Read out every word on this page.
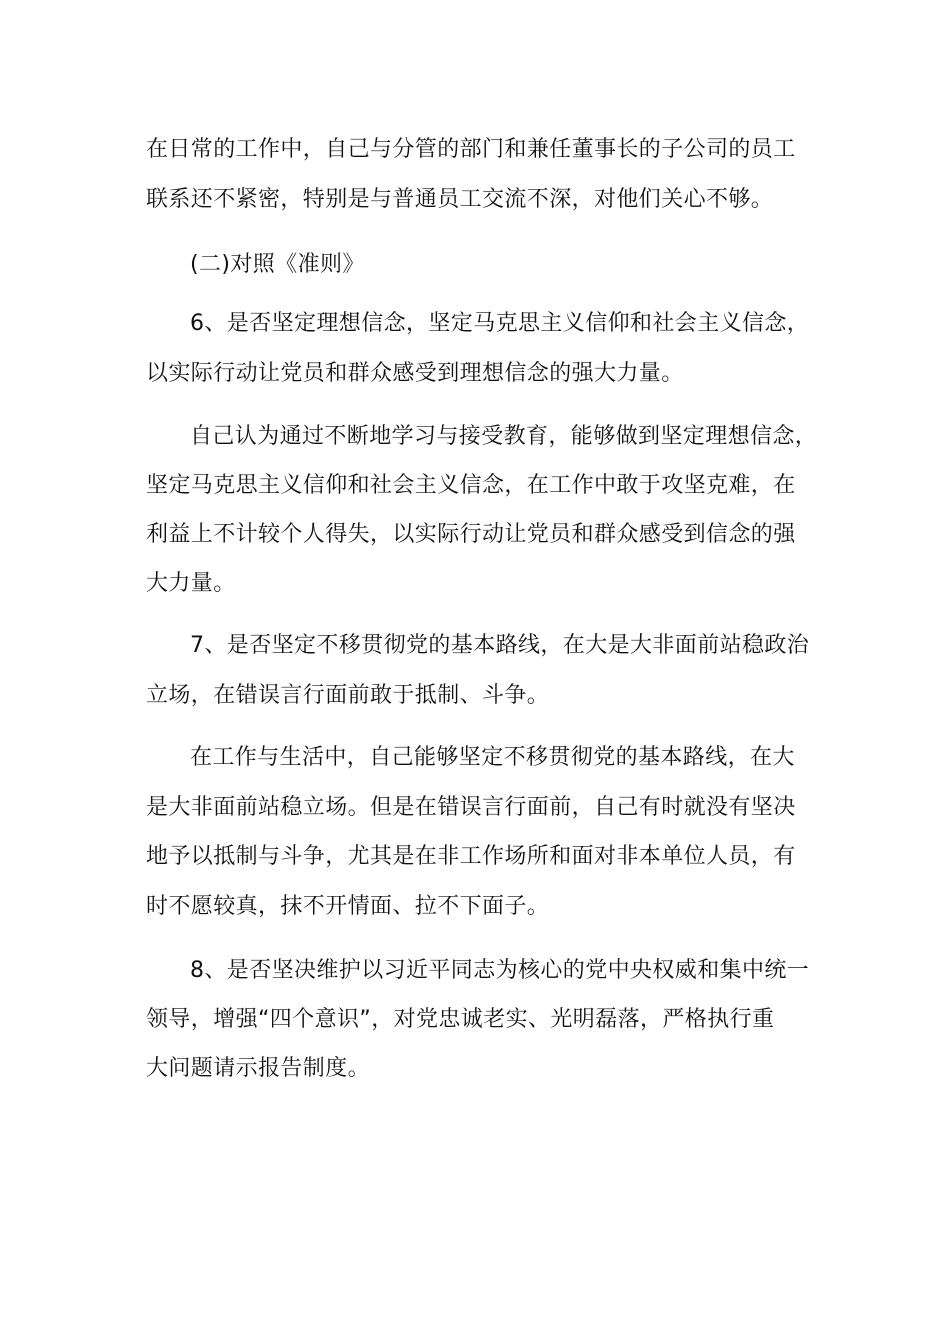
在日常的工作中，自己与分管的部门和兼任董事长的子公司的员工
联系还不紧密，特别是与普通员工交流不深，对他们关心不够。
(二)对照《准则》
6、是否坚定理想信念，坚定马克思主义信仰和社会主义信念，
以实际行动让党员和群众感受到理想信念的强大力量。
自己认为通过不断地学习与接受教育，能够做到坚定理想信念，
坚定马克思主义信仰和社会主义信念，在工作中敢于攻坚克难，在
利益上不计较个人得失，以实际行动让党员和群众感受到信念的强
大力量。
7、是否坚定不移贯彻党的基本路线，在大是大非面前站稳政治
立场，在错误言行面前敢于抵制、斗争。
在工作与生活中，自己能够坚定不移贯彻党的基本路线，在大
是大非面前站稳立场。但是在错误言行面前，自己有时就没有坚决
地予以抵制与斗争，尤其是在非工作场所和面对非本单位人员，有
时不愿较真，抹不开情面、拉不下面子。
8、是否坚决维护以习近平同志为核心的党中央权威和集中统一
领导，增强“四个意识”，对党忠诚老实、光明磊落，严格执行重
大问题请示报告制度。
